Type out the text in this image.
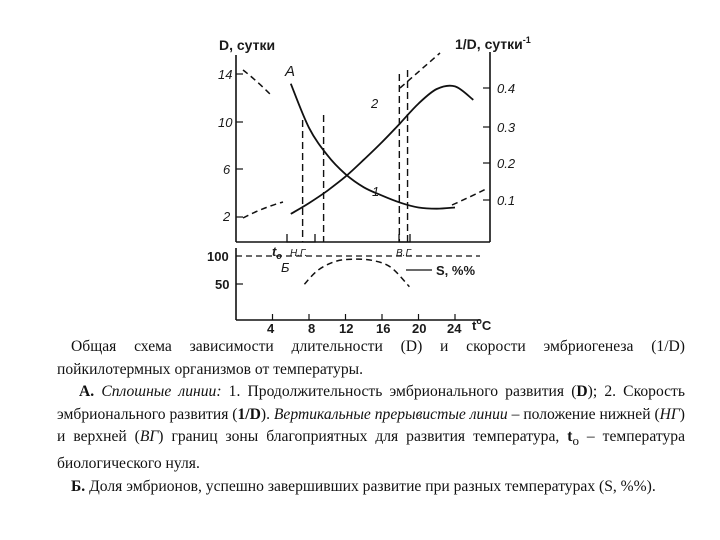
D, сутки	1/D, сутки$^{-1}$
А
14
10
6
2
0.4
0.3
0.2
0.1
1
2
$t_о$ Н.Г.	В.Г.
100
50
Б	S, %%
4	8 12 16 20 24 $t^оC$

Общая схема зависимости длительности (D) и скорости эмбриогенеза (1/D) пойкилотермных организмов от температуры.

А. Сплошные линии: 1. Продолжительность эмбрионального развития (D); 2. Скорость эмбрионального развития (1/D). Вертикальные прерывистые линии – положение нижней (НГ) и верхней (ВГ) границ зоны благоприятных для развития температура, $t_o$ – температура биологического нуля.

Б. Доля эмбрионов, успешно завершивших развитие при разных температурах (S, %%).
